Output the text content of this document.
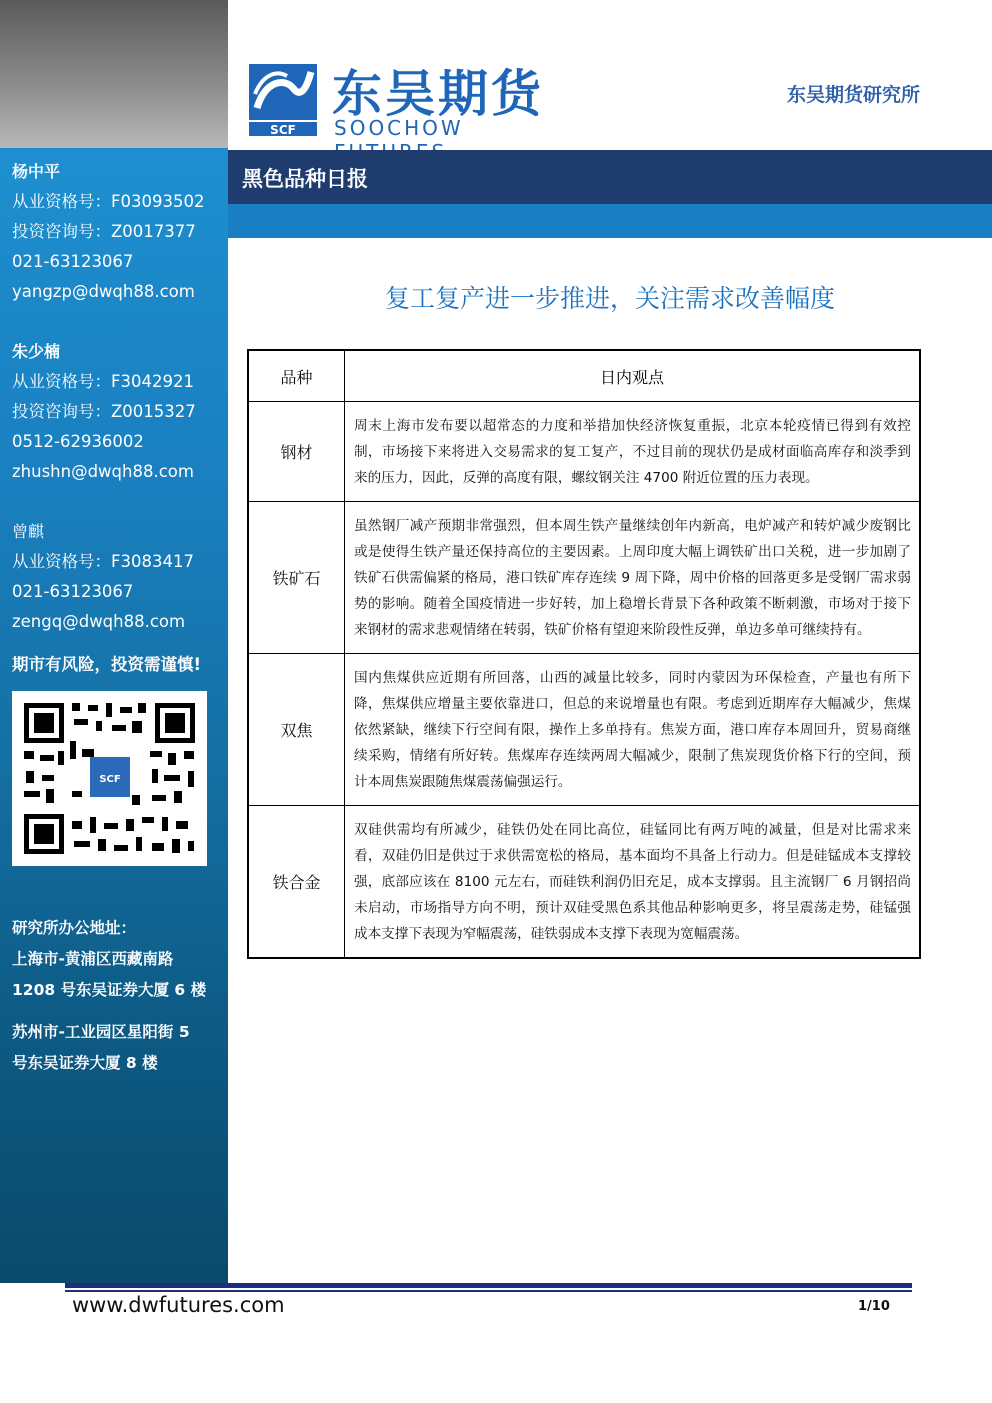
杨中平
从业资格号：F03093502
投资咨询号：Z0017377
021-63123067
yangzp@dwqh88.com
朱少楠
从业资格号：F3042921
投资咨询号：Z0015327
0512-62936002
zhushn@dwqh88.com
曾麒
从业资格号：F3083417
021-63123067
zengq@dwqh88.com
期市有风险，投资需谨慎!
SCF
研究所办公地址：
上海市-黄浦区西藏南路
1208 号东吴证券大厦 6 楼
苏州市-工业园区星阳街 5
号东吴证券大厦 8 楼
SCF
东吴期货
SOOCHOW
东吴期货研究所
黑色品种日报
复工复产进一步推进，关注需求改善幅度
品种	日内观点
钢材	周末上海市发布要以超常态的力度和举措加快经济恢复重振，北京本轮疫情已得到有效控制，市场接下来将进入交易需求的复工复产，不过目前的现状仍是成材面临高库存和淡季到来的压力，因此，反弹的高度有限，螺纹钢关注 4700 附近位置的压力表现。
铁矿石	虽然钢厂减产预期非常强烈，但本周生铁产量继续创年内新高，电炉减产和转炉减少废钢比或是使得生铁产量还保持高位的主要因素。上周印度大幅上调铁矿出口关税，进一步加剧了铁矿石供需偏紧的格局，港口铁矿库存连续 9 周下降，周中价格的回落更多是受钢厂需求弱势的影响。随着全国疫情进一步好转，加上稳增长背景下各种政策不断刺激，市场对于接下来钢材的需求悲观情绪在转弱，铁矿价格有望迎来阶段性反弹，单边多单可继续持有。
双焦	国内焦煤供应近期有所回落，山西的减量比较多，同时内蒙因为环保检查，产量也有所下降，焦煤供应增量主要依靠进口，但总的来说增量也有限。考虑到近期库存大幅减少，焦煤依然紧缺，继续下行空间有限，操作上多单持有。焦炭方面，港口库存本周回升，贸易商继续采购，情绪有所好转。焦煤库存连续两周大幅减少，限制了焦炭现货价格下行的空间，预计本周焦炭跟随焦煤震荡偏强运行。
铁合金	双硅供需均有所减少，硅铁仍处在同比高位，硅锰同比有两万吨的减量，但是对比需求来看，双硅仍旧是供过于求供需宽松的格局，基本面均不具备上行动力。但是硅锰成本支撑较强，底部应该在 8100 元左右，而硅铁利润仍旧充足，成本支撑弱。且主流钢厂 6 月钢招尚未启动，市场指导方向不明，预计双硅受黑色系其他品种影响更多，将呈震荡走势，硅锰强成本支撑下表现为窄幅震荡，硅铁弱成本支撑下表现为宽幅震荡。
www.dwfutures.com	1/10
